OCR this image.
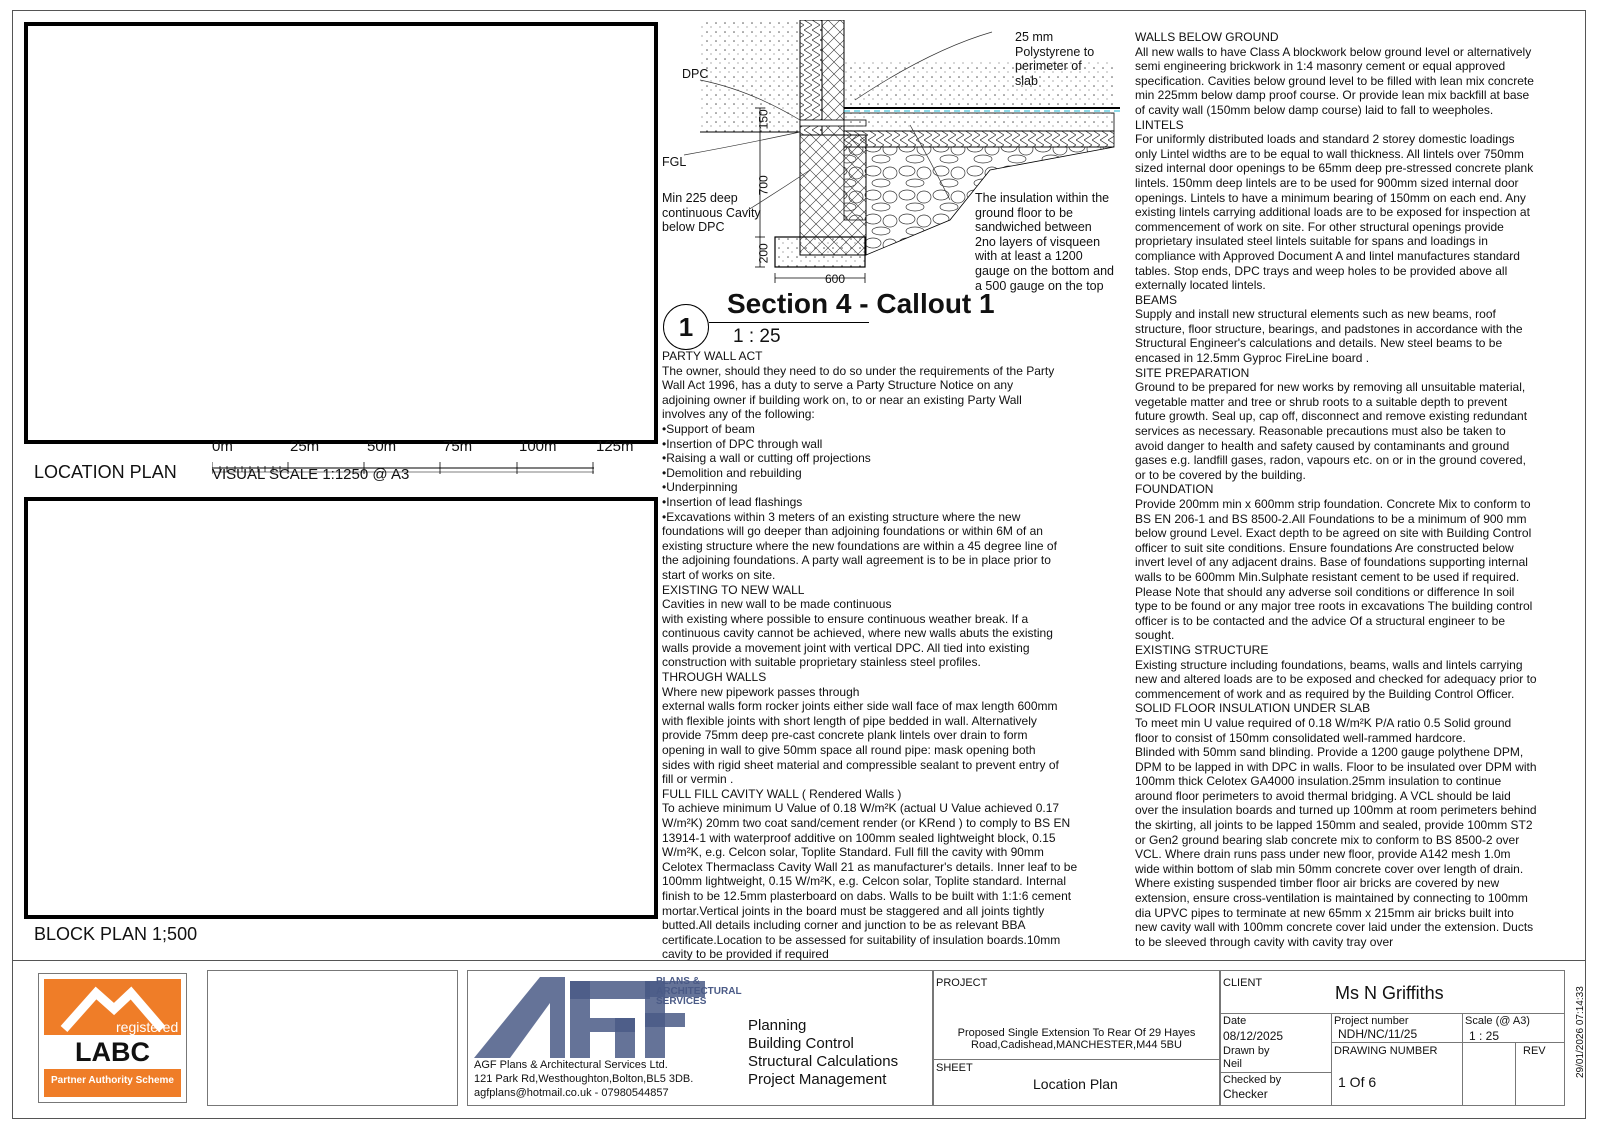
LOCATION PLAN
0m	25m	50m	75m	100m	125m
VISUAL SCALE 1:1250 @ A3
BLOCK PLAN 1;500
25 mm
Polystyrene to
perimeter of
slab
DPC
FGL
Min 225 deep
continuous Cavity
below DPC
The insulation within the
ground floor to be
sandwiched between
2no layers of visqueen
with at least a 1200
gauge on the bottom and
a 500 gauge on the top
150
700
200
600
1
Section 4 - Callout 1
1 : 25

PARTY WALL ACT

The owner, should they need to do so under the requirements of the Party

Wall Act 1996, has a duty to serve a Party Structure Notice on any

adjoining owner if building work on, to or near an existing Party Wall

involves any of the following:

•Support of beam

•Insertion of DPC through wall

•Raising a wall or cutting off projections

•Demolition and rebuilding

•Underpinning

•Insertion of lead flashings

•Excavations within 3 meters of an existing structure where the new

foundations will go deeper than adjoining foundations or within 6M of an

existing structure where the new foundations are within a 45 degree line of

the adjoining foundations. A party wall agreement is to be in place prior to

start of works on site.

EXISTING TO NEW WALL

Cavities in new wall to be made continuous

with existing where possible to ensure continuous weather break. If a

continuous cavity cannot be achieved, where new walls abuts the existing

walls provide a movement joint with vertical DPC. All tied into existing

construction with suitable proprietary stainless steel profiles.

THROUGH WALLS

Where new pipework passes through

external walls form rocker joints either side wall face of max length 600mm

with flexible joints with short length of pipe bedded in wall. Alternatively

provide 75mm deep pre-cast concrete plank lintels over drain to form

opening in wall to give 50mm space all round pipe: mask opening both

sides with rigid sheet material and compressible sealant to prevent entry of

fill or vermin .

FULL FILL CAVITY WALL ( Rendered Walls )

To achieve minimum U Value of 0.18 W/m²K (actual U Value achieved 0.17

W/m²K) 20mm two coat sand/cement render (or KRend ) to comply to BS EN

13914-1 with waterproof additive on 100mm sealed lightweight block, 0.15

W/m²K, e.g. Celcon solar, Toplite Standard. Full fill the cavity with 90mm

Celotex Thermaclass Cavity Wall 21 as manufacturer's details. Inner leaf to be

100mm lightweight, 0.15 W/m²K, e.g. Celcon solar, Toplite standard. Internal

finish to be 12.5mm plasterboard on dabs. Walls to be built with 1:1:6 cement

mortar.Vertical joints in the board must be staggered and all joints tightly

butted.All details including corner and junction to be as relevant BBA

certificate.Location to be assessed for suitability of insulation boards.10mm

cavity to be provided if required

WALLS BELOW GROUND

All new walls to have Class A blockwork below ground level or alternatively

semi engineering brickwork in 1:4 masonry cement or equal approved

specification. Cavities below ground level to be filled with lean mix concrete

min 225mm below damp proof course. Or provide lean mix backfill at base

of cavity wall (150mm below damp course) laid to fall to weepholes.

LINTELS

For uniformly distributed loads and standard 2 storey domestic loadings

only Lintel widths are to be equal to wall thickness. All lintels over 750mm

sized internal door openings to be 65mm deep pre-stressed concrete plank

lintels. 150mm deep lintels are to be used for 900mm sized internal door

openings. Lintels to have a minimum bearing of 150mm on each end. Any

existing lintels carrying additional loads are to be exposed for inspection at

commencement of work on site. For other structural openings provide

proprietary insulated steel lintels suitable for spans and loadings in

compliance with Approved Document A and lintel manufactures standard

tables. Stop ends, DPC trays and weep holes to be provided above all

externally located lintels.

BEAMS

Supply and install new structural elements such as new beams, roof

structure, floor structure, bearings, and padstones in accordance with the

Structural Engineer's calculations and details. New steel beams to be

encased in 12.5mm Gyproc FireLine board .

SITE PREPARATION

Ground to be prepared for new works by removing all unsuitable material,

vegetable matter and tree or shrub roots to a suitable depth to prevent

future growth. Seal up, cap off, disconnect and remove existing redundant

services as necessary. Reasonable precautions must also be taken to

avoid danger to health and safety caused by contaminants and ground

gases e.g. landfill gases, radon, vapours etc. on or in the ground covered,

or to be covered by the building.

FOUNDATION

Provide 200mm min x 600mm strip foundation. Concrete Mix to conform to

BS EN 206-1 and BS 8500-2.All Foundations to be a minimum of 900 mm

below ground Level. Exact depth to be agreed on site with Building Control

officer to suit site conditions. Ensure foundations Are constructed below

invert level of any adjacent drains. Base of foundations supporting internal

walls to be 600mm Min.Sulphate resistant cement to be used if required.

Please Note that should any adverse soil conditions or difference In soil

type to be found or any major tree roots in excavations The building control

officer is to be contacted and the advice Of a structural engineer to be

sought.

EXISTING STRUCTURE

Existing structure including foundations, beams, walls and lintels carrying

new and altered loads are to be exposed and checked for adequacy prior to

commencement of work and as required by the Building Control Officer.

SOLID FLOOR INSULATION UNDER SLAB

To meet min U value required of 0.18 W/m²K P/A ratio 0.5 Solid ground

floor to consist of 150mm consolidated well-rammed hardcore.

Blinded with 50mm sand blinding. Provide a 1200 gauge polythene DPM,

DPM to be lapped in with DPC in walls. Floor to be insulated over DPM with

100mm thick Celotex GA4000 insulation.25mm insulation to continue

around floor perimeters to avoid thermal bridging. A VCL should be laid

over the insulation boards and turned up 100mm at room perimeters behind

the skirting, all joints to be lapped 150mm and sealed, provide 100mm ST2

or Gen2 ground bearing slab concrete mix to conform to BS 8500-2 over

VCL. Where drain runs pass under new floor, provide A142 mesh 1.0m

wide within bottom of slab min 50mm concrete cover over length of drain.

Where existing suspended timber floor air bricks are covered by new

extension, ensure cross-ventilation is maintained by connecting to 100mm

dia UPVC pipes to terminate at new 65mm x 215mm air bricks built into

new cavity wall with 100mm concrete cover laid under the extension. Ducts

to be sleeved through cavity with cavity tray over

registered
LABC
Partner Authority Scheme
PLANS &
ARCHITECTURAL
SERVICES
AGF Plans & Architectural Services Ltd.
121 Park Rd,Westhoughton,Bolton,BL5 3DB.
agfplans@hotmail.co.uk - 07980544857
Planning
Building Control
Structural Calculations
Project Management
PROJECT
Proposed Single Extension To Rear Of 29 Hayes
Road,Cadishead,MANCHESTER,M44 5BU
SHEET
Location Plan
CLIENT	Ms N Griffiths
Date
08/12/2025
Project number
NDH/NC/11/25
Scale (@ A3)
1 : 25
Drawn by
Neil
DRAWING NUMBER	REV
Checked by
Checker
1 Of 6
29/01/2026 07:14:33
